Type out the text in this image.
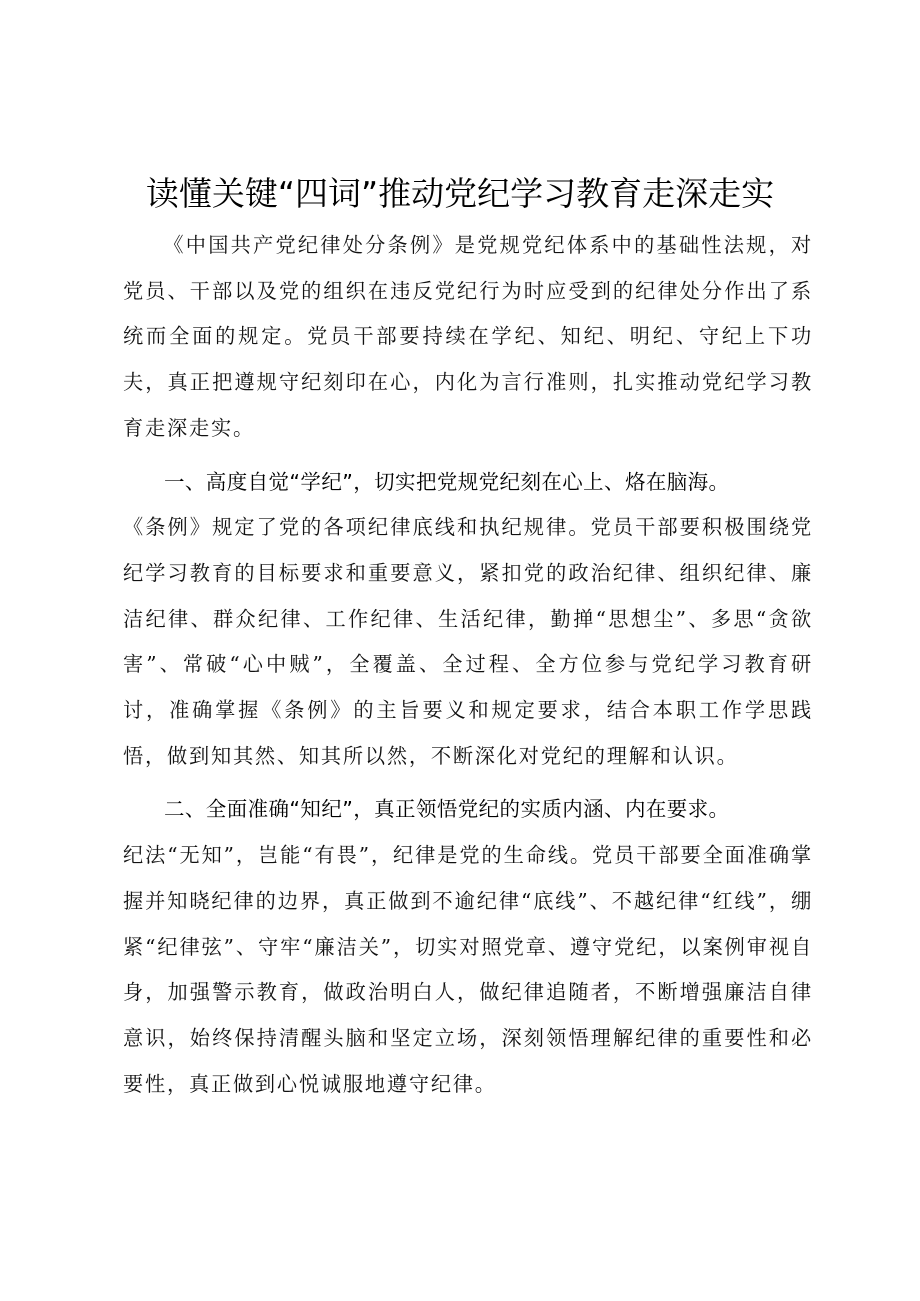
读懂关键“四词”推动党纪学习教育走深走实

《中国共产党纪律处分条例》是党规党纪体系中的基础性法规，对党员、干部以及党的组织在违反党纪行为时应受到的纪律处分作出了系统而全面的规定。党员干部要持续在学纪、知纪、明纪、守纪上下功夫，真正把遵规守纪刻印在心，内化为言行准则，扎实推动党纪学习教育走深走实。

一、高度自觉“学纪”，切实把党规党纪刻在心上、烙在脑海。

《条例》规定了党的各项纪律底线和执纪规律。党员干部要积极围绕党纪学习教育的目标要求和重要意义，紧扣党的政治纪律、组织纪律、廉洁纪律、群众纪律、工作纪律、生活纪律，勤掸“思想尘”、多思“贪欲害”、常破“心中贼”，全覆盖、全过程、全方位参与党纪学习教育研讨，准确掌握《条例》的主旨要义和规定要求，结合本职工作学思践悟，做到知其然、知其所以然，不断深化对党纪的理解和认识。

二、全面准确“知纪”，真正领悟党纪的实质内涵、内在要求。

纪法“无知”，岂能“有畏”，纪律是党的生命线。党员干部要全面准确掌握并知晓纪律的边界，真正做到不逾纪律“底线”、不越纪律“红线”，绷紧“纪律弦”、守牢“廉洁关”，切实对照党章、遵守党纪，以案例审视自身，加强警示教育，做政治明白人，做纪律追随者，不断增强廉洁自律意识，始终保持清醒头脑和坚定立场，深刻领悟理解纪律的重要性和必要性，真正做到心悦诚服地遵守纪律。
